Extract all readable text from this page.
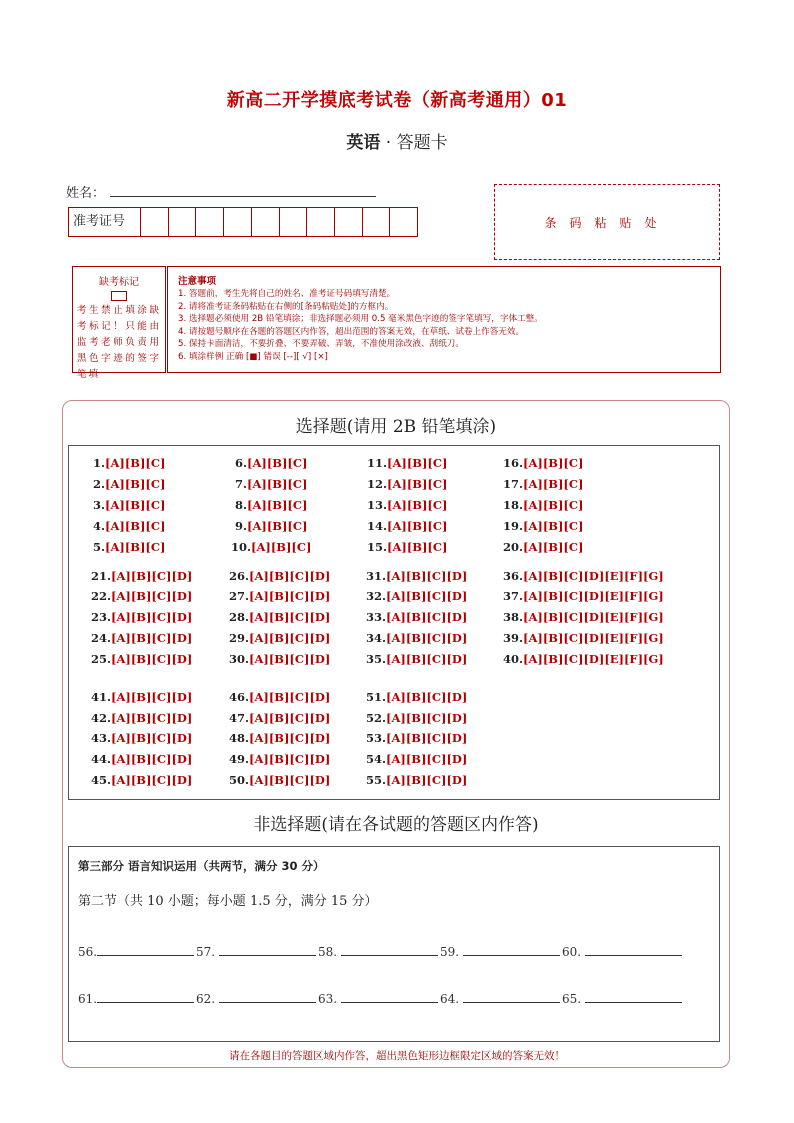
新高二开学摸底考试卷（新高考通用）01
英语 · 答题卡
姓名：
准考证号	条码粘贴处
缺考标记
考生禁止填涂缺考标记！只能由监考老师负责用黑色字迹的签字笔填
注意事项
1. 答题前，考生先将自己的姓名、准考证号码填写清楚。
2. 请将准考证条码粘贴在右侧的[条码粘贴处]的方框内。
3. 选择题必须使用 2B 铅笔填涂；非选择题必须用 0.5 毫米黑色字迹的签字笔填写，字体工整。
4. 请按题号顺序在各题的答题区内作答，超出范围的答案无效，在草纸、试卷上作答无效。
5. 保持卡面清洁，不要折叠、不要弄破、弄皱，不准使用涂改液、刮纸刀。
6. 填涂样例 正确 [■] 错误 [--][ √] [×]
选择题(请用 2B 铅笔填涂)
1.[A][B][C]
2.[A][B][C]
3.[A][B][C]
4.[A][B][C]
5.[A][B][C]
6.[A][B][C]
7.[A][B][C]
8.[A][B][C]
9.[A][B][C]
10.[A][B][C]
11.[A][B][C]
12.[A][B][C]
13.[A][B][C]
14.[A][B][C]
15.[A][B][C]
16.[A][B][C]
17.[A][B][C]
18.[A][B][C]
19.[A][B][C]
20.[A][B][C]
21.[A][B][C][D]
22.[A][B][C][D]
23.[A][B][C][D]
24.[A][B][C][D]
25.[A][B][C][D]
26.[A][B][C][D]
27.[A][B][C][D]
28.[A][B][C][D]
29.[A][B][C][D]
30.[A][B][C][D]
31.[A][B][C][D]
32.[A][B][C][D]
33.[A][B][C][D]
34.[A][B][C][D]
35.[A][B][C][D]
36.[A][B][C][D][E][F][G]
37.[A][B][C][D][E][F][G]
38.[A][B][C][D][E][F][G]
39.[A][B][C][D][E][F][G]
40.[A][B][C][D][E][F][G]
41.[A][B][C][D]
42.[A][B][C][D]
43.[A][B][C][D]
44.[A][B][C][D]
45.[A][B][C][D]
46.[A][B][C][D]
47.[A][B][C][D]
48.[A][B][C][D]
49.[A][B][C][D]
50.[A][B][C][D]
51.[A][B][C][D]
52.[A][B][C][D]
53.[A][B][C][D]
54.[A][B][C][D]
55.[A][B][C][D]
非选择题(请在各试题的答题区内作答)
第三部分 语言知识运用（共两节，满分 30 分）
第二节（共 10 小题；每小题 1.5 分，满分 15 分）
56.	57.	58.	59.	60.
61.	62.	63.	64.	65.
请在各题目的答题区域内作答，超出黑色矩形边框限定区域的答案无效！
